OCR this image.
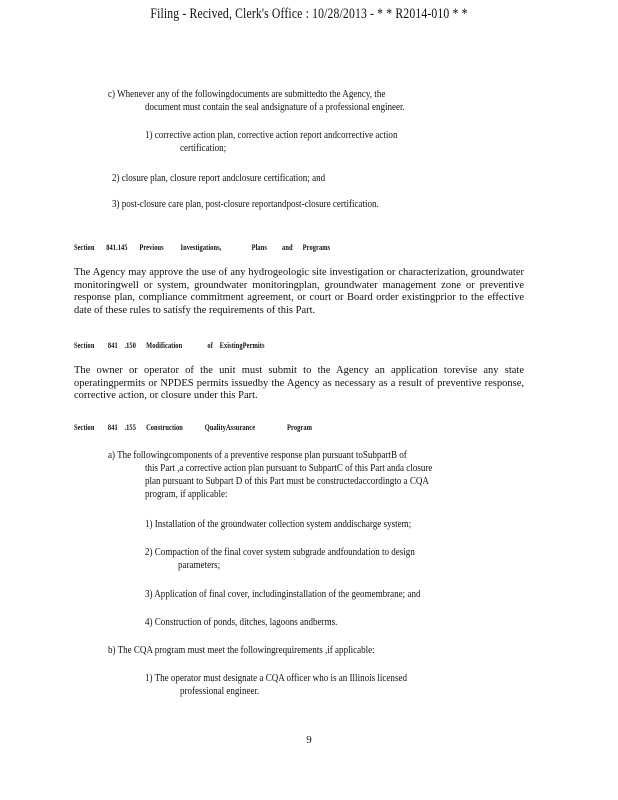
Filing - Recived, Clerk's Office : 10/28/2013 - * * R2014-010 * *
c) Whenever any of the followingdocuments are submittedto the Agency, the
document must contain the seal andsignature of a professional engineer.
1) corrective action plan, corrective action report andcorrective action
certification;
2) closure plan, closure report andclosure certification; and
3) post-closure care plan, post-closure reportandpost-closure certification.
Section       841.145       Previous          Investigations,                  Plans         and      Programs
The Agency may approve the use of any hydrogeologic site investigation or characterization, groundwater monitoringwell or system, groundwater monitoringplan, groundwater management zone or preventive response plan, compliance commitment agreement, or court or Board order existingprior to the effective date of these rules to satisfy the requirements of this Part.
Section        841    .150      Modification               of    ExistingPermits
The owner or operator of the unit must submit to the Agency an application torevise any state operatingpermits or NPDES permits issuedby the Agency as necessary as a result of preventive response, corrective action, or closure under this Part.
Section        841    .155      Construction             QualityAssurance                   Program
a) The followingcomponents of a preventive response plan pursuant toSubpartB of
this Part ,a corrective action plan pursuant to SubpartC of this Part anda closure
plan pursuant to Subpart D of this Part must be constructedaccordingto a CQA
program, if applicable:
1) Installation of the groundwater collection system anddischarge system;
2) Compaction of the final cover system subgrade andfoundation to design
parameters;
3) Application of final cover, includinginstallation of the geomembrane; and
4) Construction of ponds, ditches, lagoons andberms.
b) The CQA program must meet the followingrequirements ,if applicable:
1) The operator must designate a CQA officer who is an Illinois licensed
professional engineer.
9
